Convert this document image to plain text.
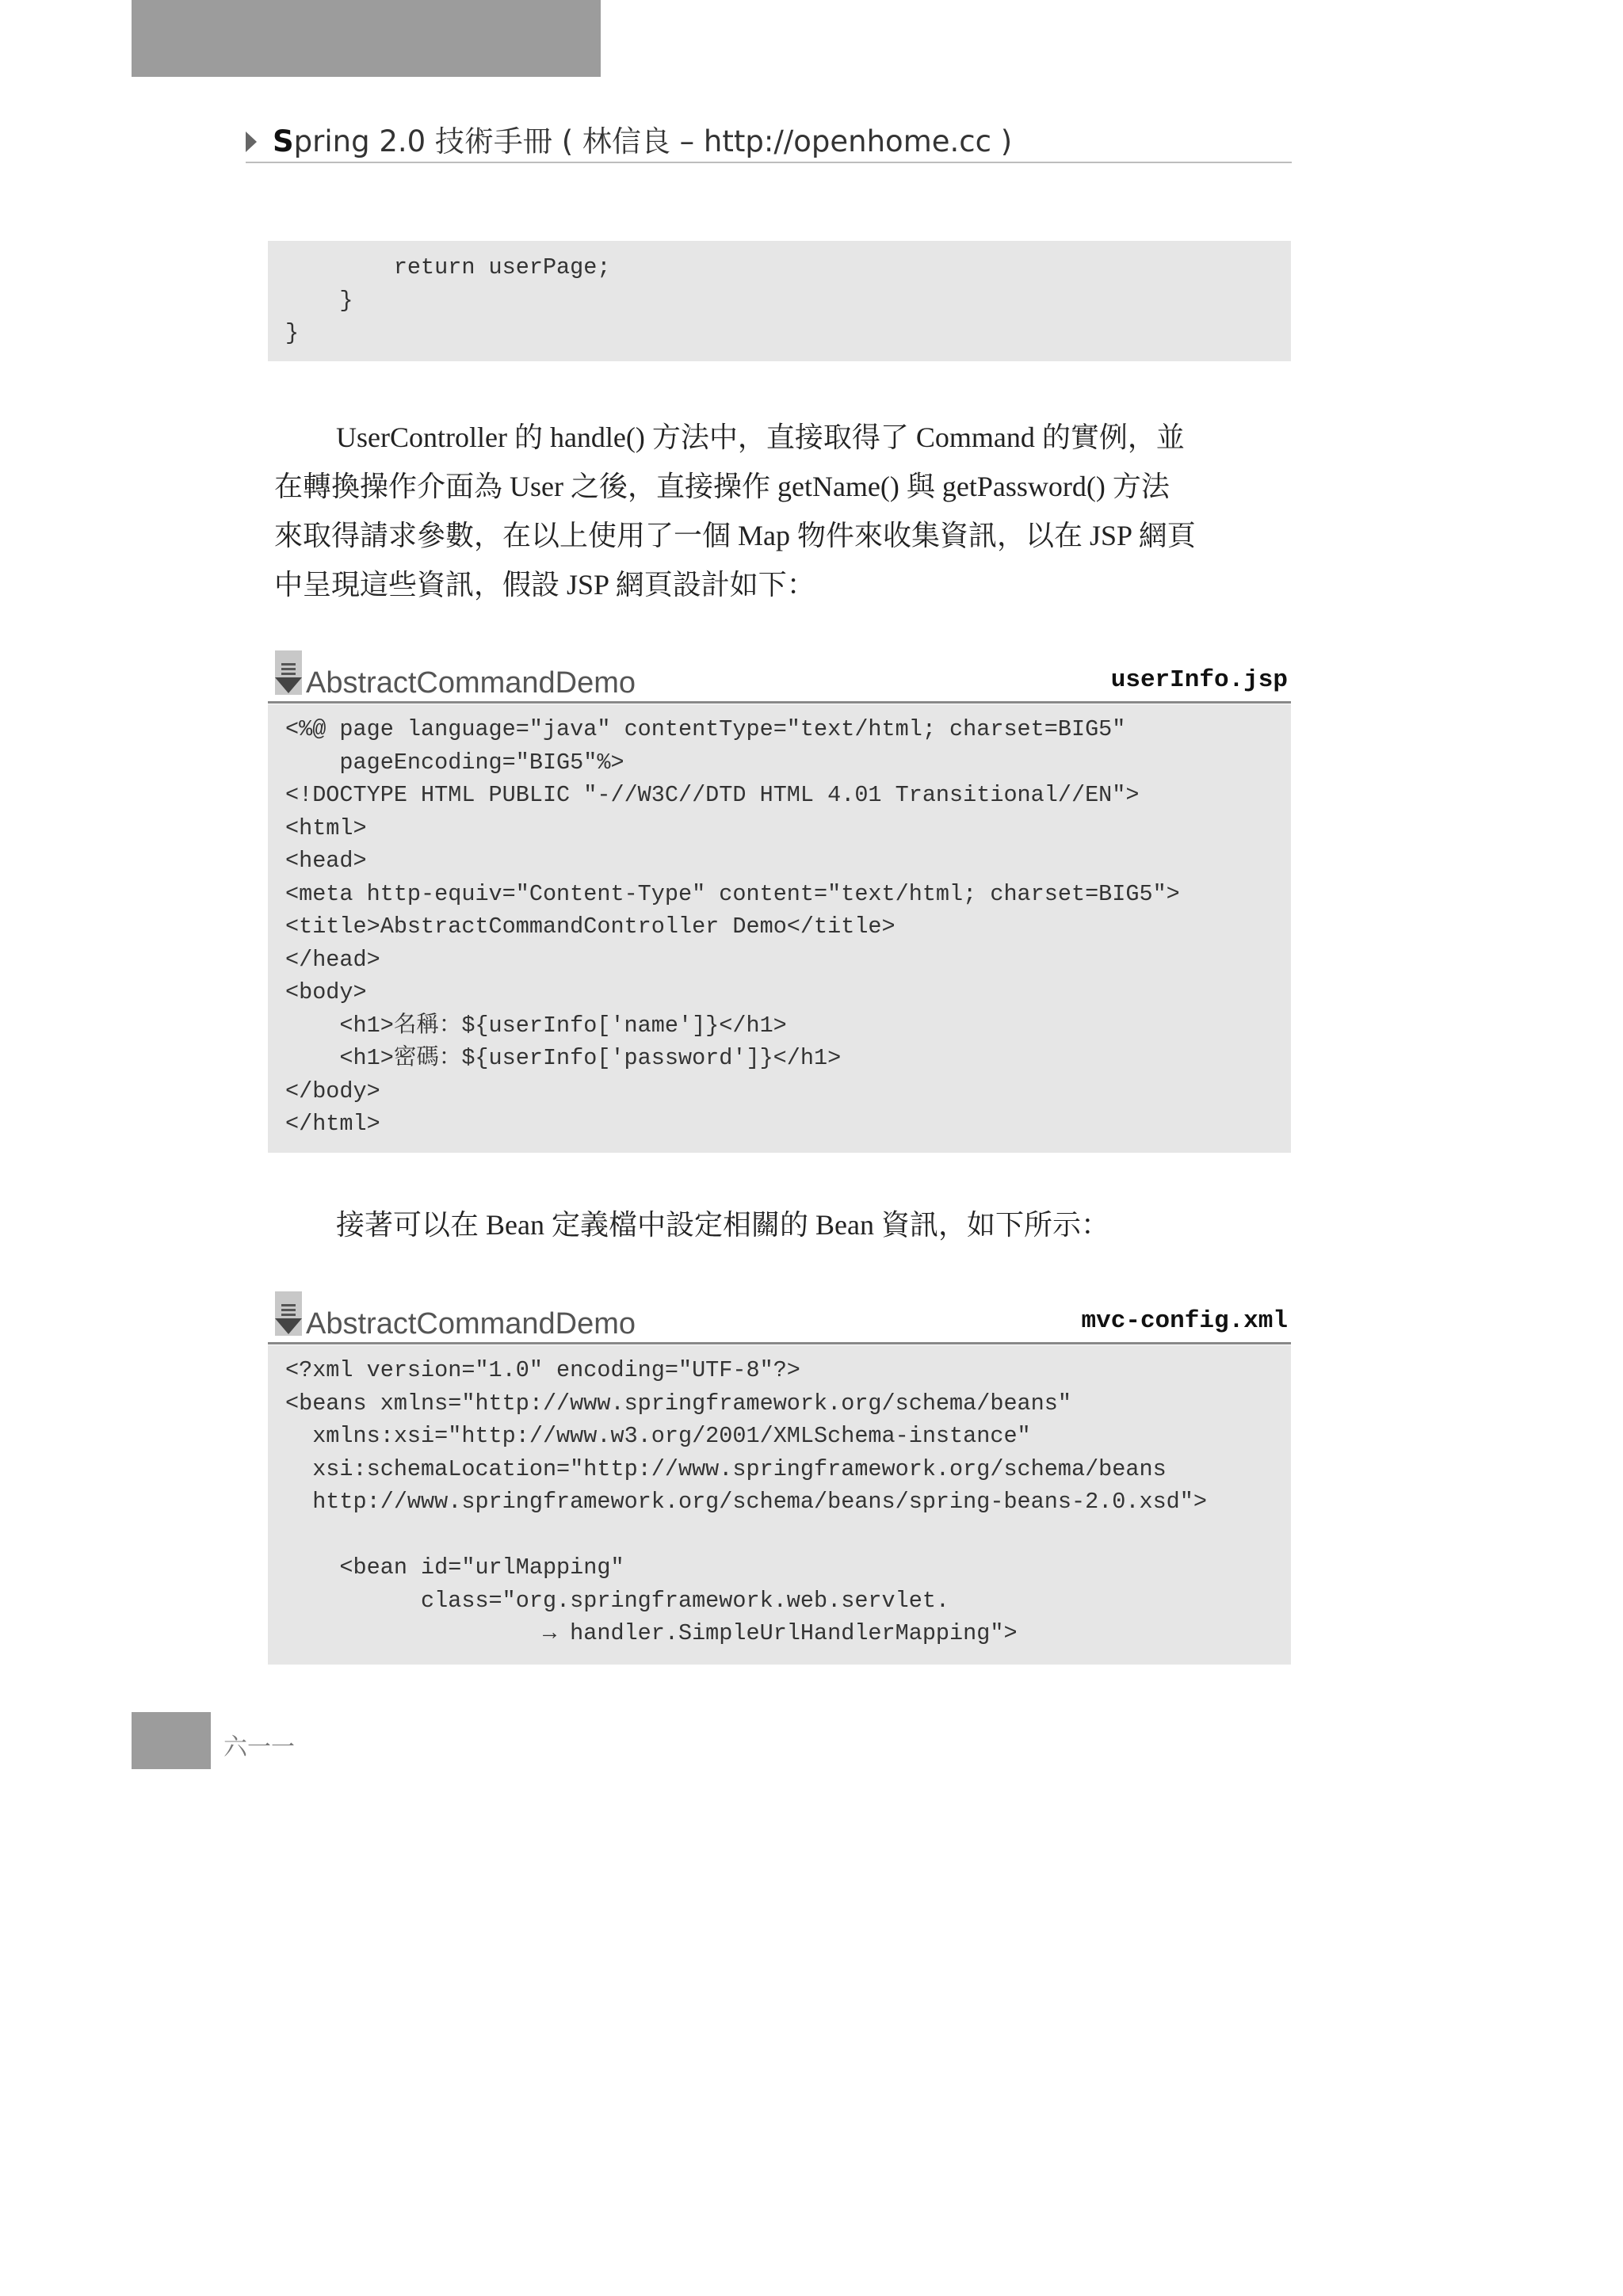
Spring 2.0 技術手冊 ( 林信良 – http://openhome.cc )
return userPage;
}
}

UserController 的 handle() 方法中，直接取得了 Command 的實例，並

在轉換操作介面為 User 之後，直接操作 getName() 與 getPassword() 方法

來取得請求參數，在以上使用了一個 Map 物件來收集資訊，以在 JSP 網頁

中呈現這些資訊，假設 JSP 網頁設計如下：

AbstractCommandDemo	userInfo.jsp
<%@ page language="java" contentType="text/html; charset=BIG5"
pageEncoding="BIG5"%>
<!DOCTYPE HTML PUBLIC "-//W3C//DTD HTML 4.01 Transitional//EN">
<html>
<head>
<meta http-equiv="Content-Type" content="text/html; charset=BIG5">
<title>AbstractCommandController Demo</title>
</head>
<body>
<h1>名稱：${userInfo['name']}</h1>
<h1>密碼：${userInfo['password']}</h1>
</body>
</html>

接著可以在 Bean 定義檔中設定相關的 Bean 資訊，如下所示：

AbstractCommandDemo	mvc-config.xml
<?xml version="1.0" encoding="UTF-8"?>
<beans xmlns="http://www.springframework.org/schema/beans"
xmlns:xsi="http://www.w3.org/2001/XMLSchema-instance"
xsi:schemaLocation="http://www.springframework.org/schema/beans
http://www.springframework.org/schema/beans/spring-beans-2.0.xsd">

<bean id="urlMapping"
class="org.springframework.web.servlet.
→ handler.SimpleUrlHandlerMapping">
六一一
